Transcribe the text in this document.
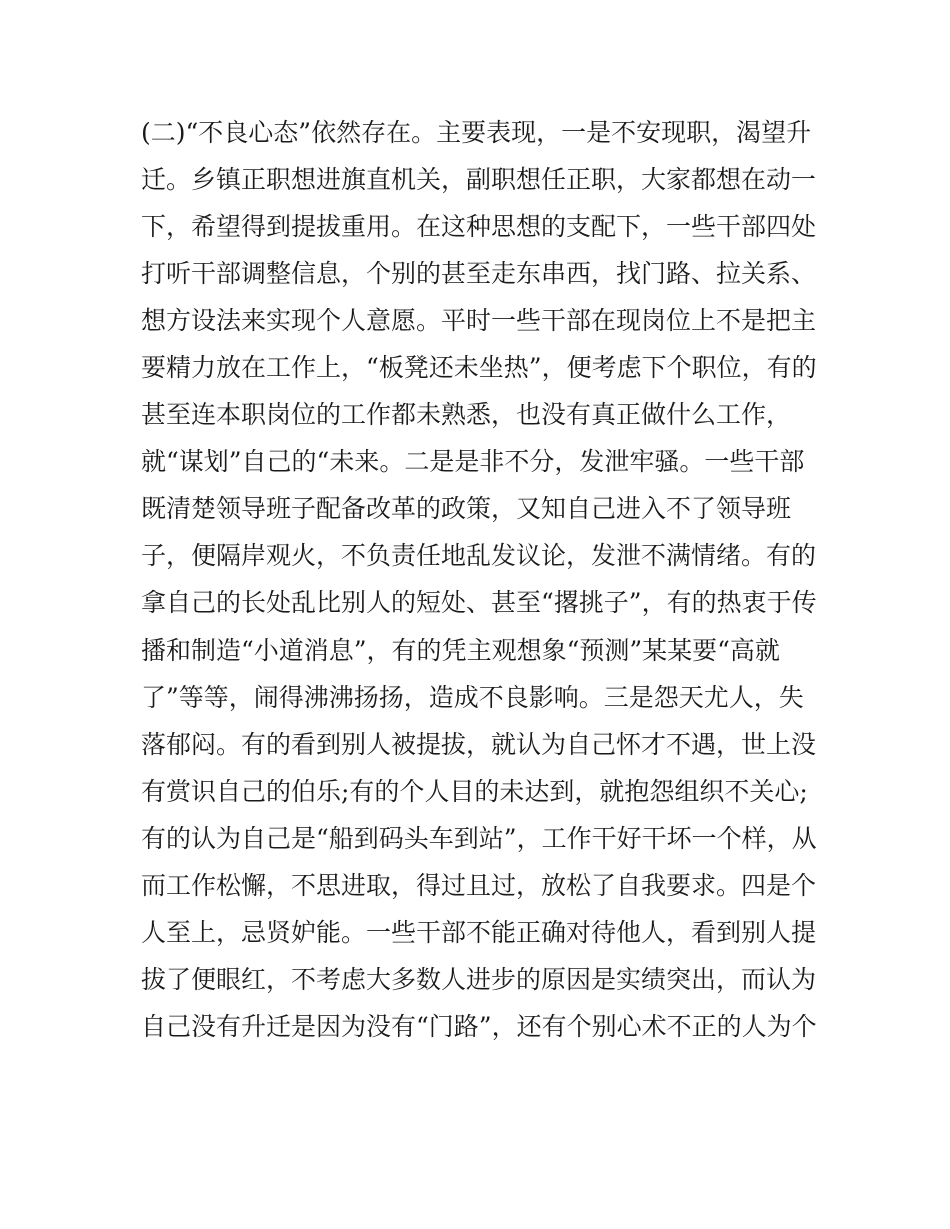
(二)“不良心态”依然存在。主要表现，一是不安现职，渴望升
迁。乡镇正职想进旗直机关，副职想任正职，大家都想在动一
下，希望得到提拔重用。在这种思想的支配下，一些干部四处
打听干部调整信息，个别的甚至走东串西，找门路、拉关系、
想方设法来实现个人意愿。平时一些干部在现岗位上不是把主
要精力放在工作上，“板凳还未坐热”，便考虑下个职位，有的
甚至连本职岗位的工作都未熟悉，也没有真正做什么工作，
就“谋划”自己的“未来。二是是非不分，发泄牢骚。一些干部
既清楚领导班子配备改革的政策，又知自己进入不了领导班
子，便隔岸观火，不负责任地乱发议论，发泄不满情绪。有的
拿自己的长处乱比别人的短处、甚至“撂挑子”，有的热衷于传
播和制造“小道消息”，有的凭主观想象“预测”某某要“高就
了”等等，闹得沸沸扬扬，造成不良影响。三是怨天尤人，失
落郁闷。有的看到别人被提拔，就认为自己怀才不遇，世上没
有赏识自己的伯乐;有的个人目的未达到，就抱怨组织不关心;
有的认为自己是“船到码头车到站”，工作干好干坏一个样，从
而工作松懈，不思进取，得过且过，放松了自我要求。四是个
人至上，忌贤妒能。一些干部不能正确对待他人，看到别人提
拔了便眼红，不考虑大多数人进步的原因是实绩突出，而认为
自己没有升迁是因为没有“门路”，还有个别心术不正的人为个
